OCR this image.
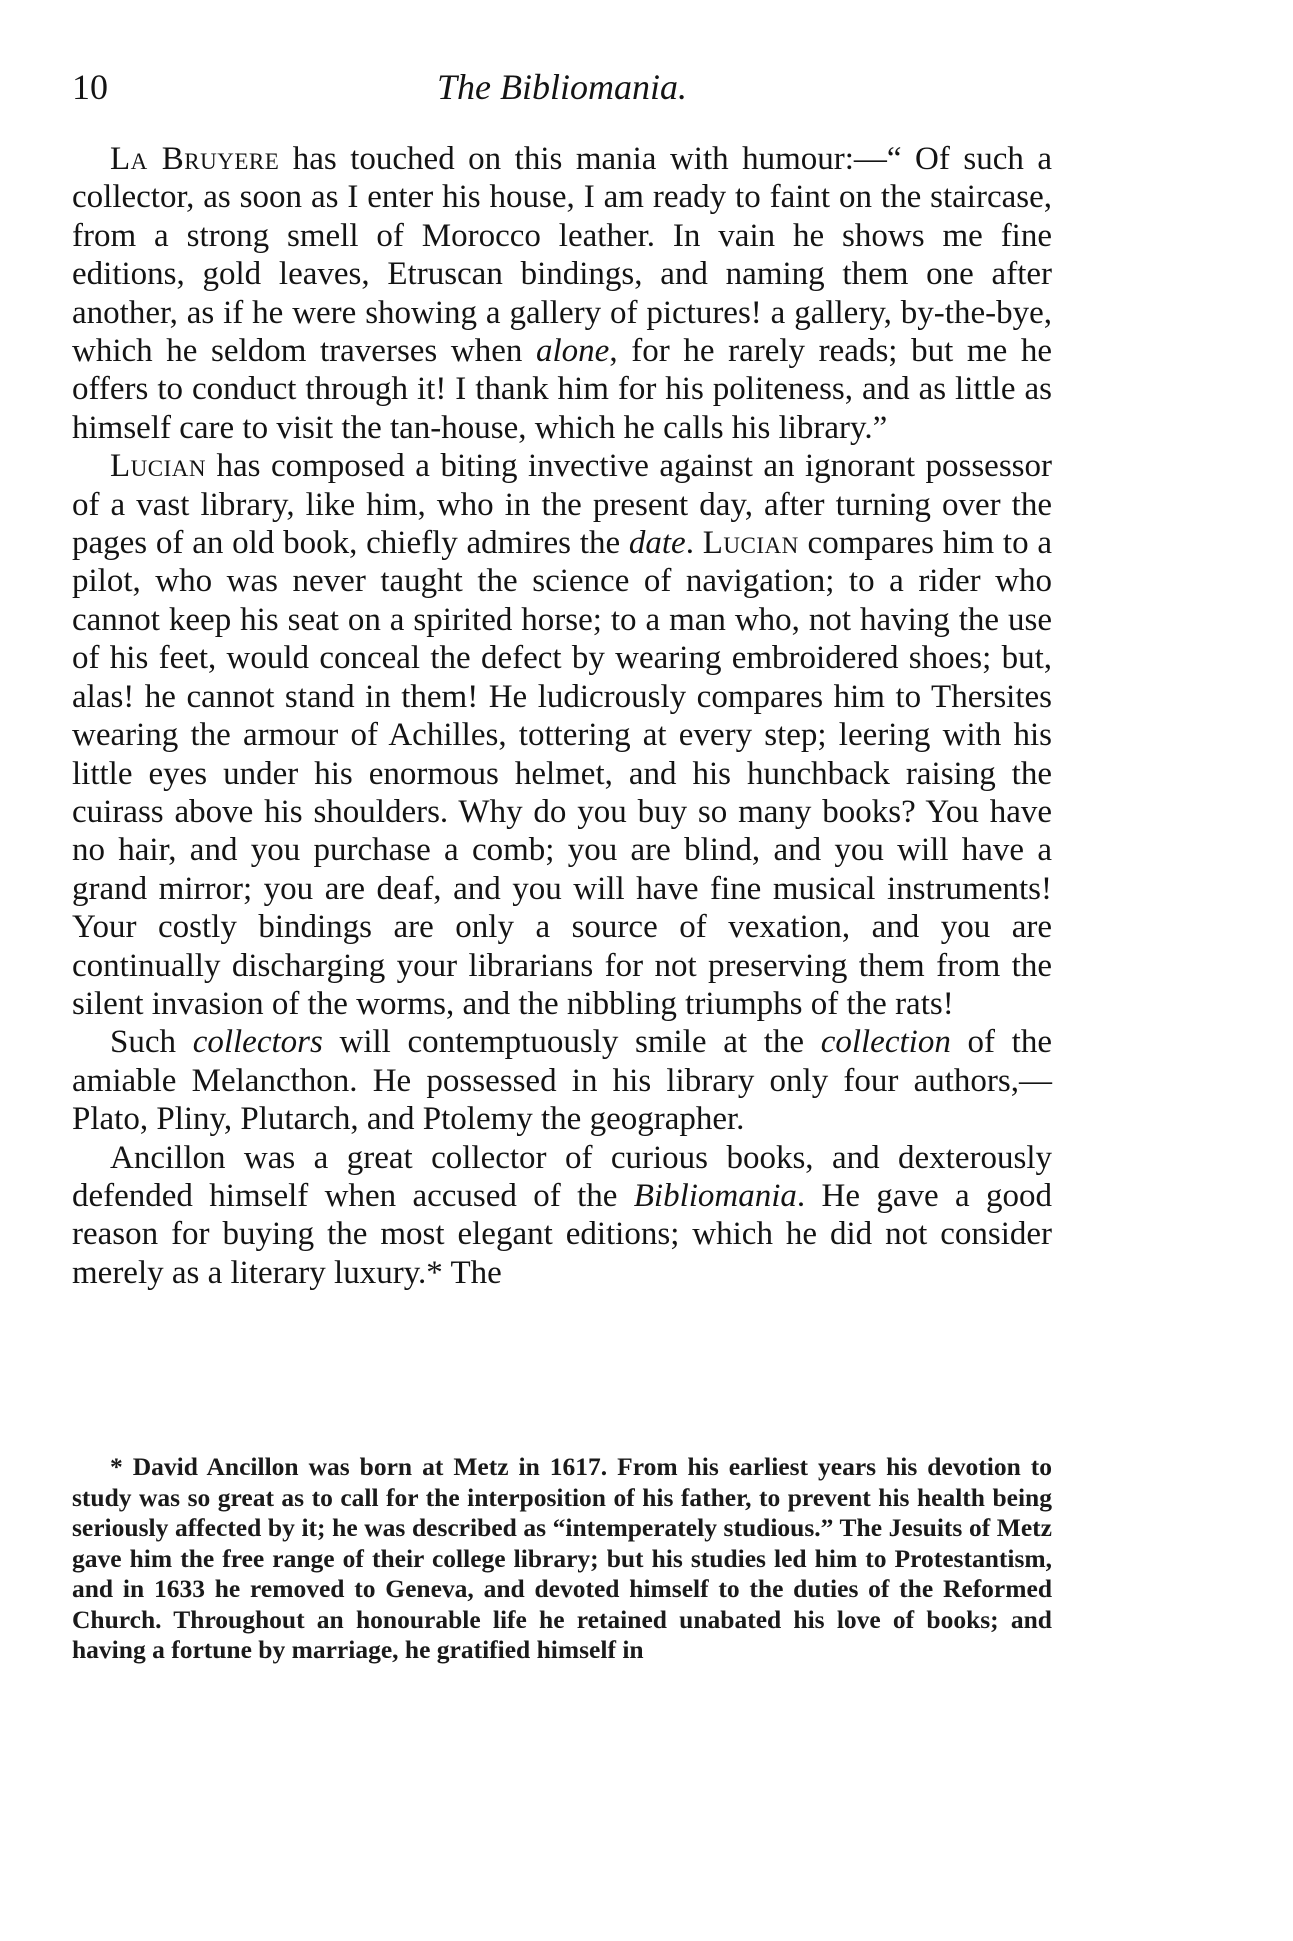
10	The Bibliomania.

La Bruyere has touched on this mania with humour:—“ Of such a collector, as soon as I enter his house, I am ready to faint on the staircase, from a strong smell of Morocco leather. In vain he shows me fine editions, gold leaves, Etruscan bindings, and naming them one after another, as if he were showing a gallery of pictures! a gallery, by-the-bye, which he seldom traverses when alone, for he rarely reads; but me he offers to conduct through it! I thank him for his politeness, and as little as himself care to visit the tan-house, which he calls his library.”

Lucian has composed a biting invective against an ignorant possessor of a vast library, like him, who in the present day, after turning over the pages of an old book, chiefly admires the date. Lucian compares him to a pilot, who was never taught the science of navigation; to a rider who cannot keep his seat on a spirited horse; to a man who, not having the use of his feet, would conceal the defect by wearing embroidered shoes; but, alas! he cannot stand in them! He ludicrously compares him to Thersites wearing the armour of Achilles, tottering at every step; leering with his little eyes under his enormous helmet, and his hunchback raising the cuirass above his shoulders. Why do you buy so many books? You have no hair, and you purchase a comb; you are blind, and you will have a grand mirror; you are deaf, and you will have fine musical instruments! Your costly bindings are only a source of vexation, and you are continually discharging your librarians for not preserving them from the silent invasion of the worms, and the nibbling triumphs of the rats!

Such collectors will contemptuously smile at the collection of the amiable Melancthon. He possessed in his library only four authors,—Plato, Pliny, Plutarch, and Ptolemy the geographer.

Ancillon was a great collector of curious books, and dexterously defended himself when accused of the Bibliomania. He gave a good reason for buying the most elegant editions; which he did not consider merely as a literary luxury.* The

* David Ancillon was born at Metz in 1617. From his earliest years his devotion to study was so great as to call for the interposition of his father, to prevent his health being seriously affected by it; he was described as “intemperately studious.” The Jesuits of Metz gave him the free range of their college library; but his studies led him to Protestantism, and in 1633 he removed to Geneva, and devoted himself to the duties of the Reformed Church. Throughout an honourable life he retained unabated his love of books; and having a fortune by marriage, he gratified himself in
